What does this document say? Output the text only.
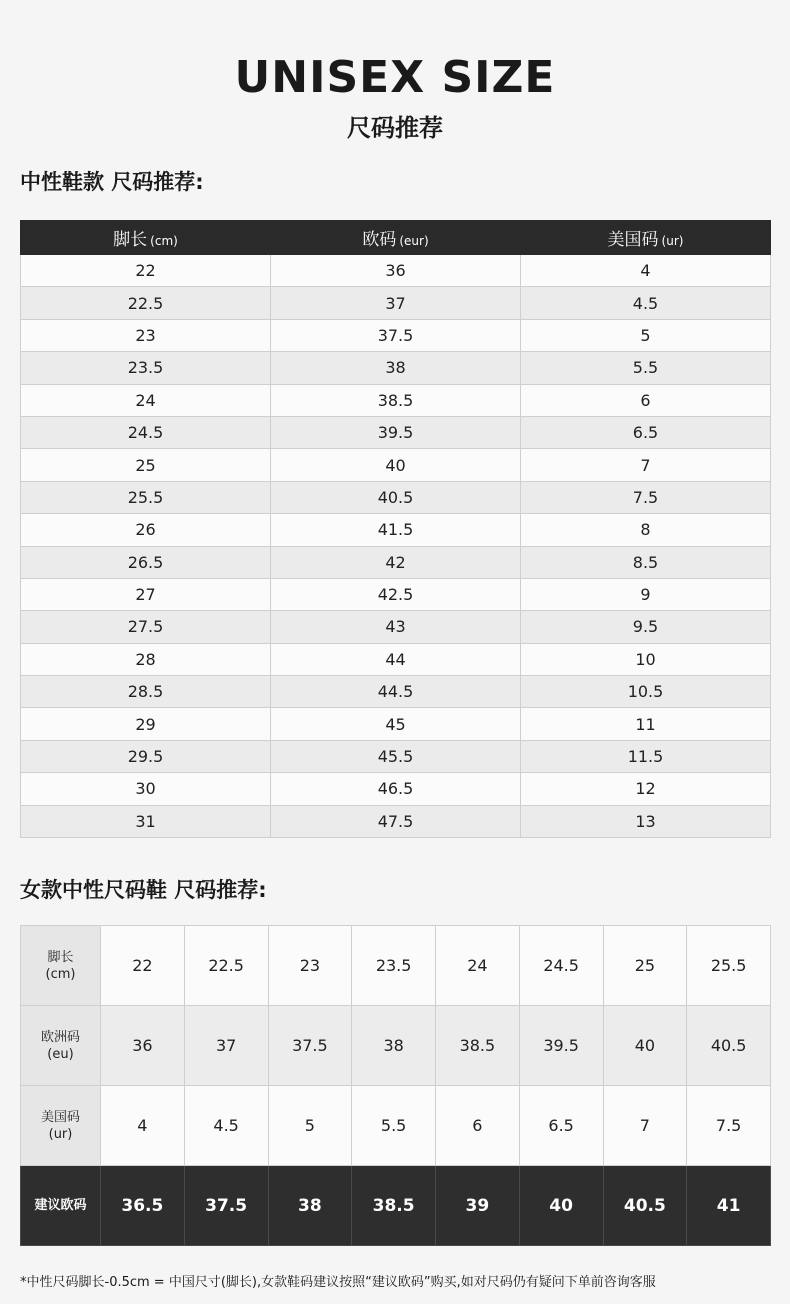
UNISEX SIZE
尺码推荐
中性鞋款 尺码推荐:
脚长 (cm)	欧码 (eur)	美国码 (ur)
22	36	4
22.5	37	4.5
23	37.5	5
23.5	38	5.5
24	38.5	6
24.5	39.5	6.5
25	40	7
25.5	40.5	7.5
26	41.5	8
26.5	42	8.5
27	42.5	9
27.5	43	9.5
28	44	10
28.5	44.5	10.5
29	45	11
29.5	45.5	11.5
30	46.5	12
31	47.5	13
女款中性尺码鞋 尺码推荐:
脚长
(cm)	22	22.5	23	23.5	24	24.5	25	25.5

欧洲码
(eu)	36	37	37.5	38	38.5	39.5	40	40.5

美国码
(ur)	4	4.5	5	5.5	6	6.5	7	7.5

建议欧码	36.5	37.5	38	38.5	39	40	40.5	41
*中性尺码脚长-0.5cm = 中国尺寸(脚长),女款鞋码建议按照“建议欧码”购买,如对尺码仍有疑问下单前咨询客服
